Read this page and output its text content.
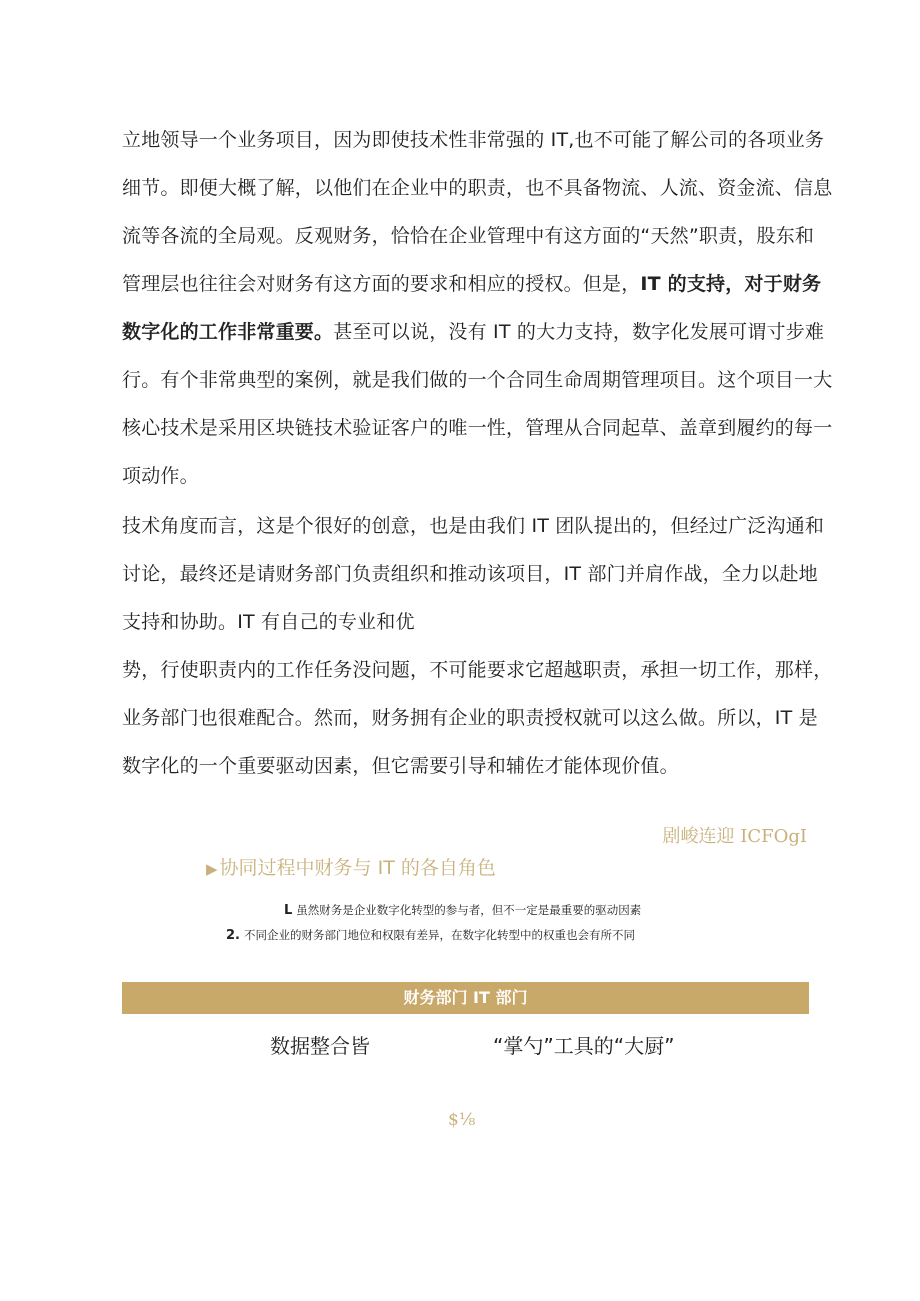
立地领导一个业务项目，因为即使技术性非常强的 IT,也不可能了解公司的各项业务
细节。即便大概了解，以他们在企业中的职责，也不具备物流、人流、资金流、信息
流等各流的全局观。反观财务，恰恰在企业管理中有这方面的“天然”职责，股东和
管理层也往往会对财务有这方面的要求和相应的授权。但是，IT 的支持，对于财务
数字化的工作非常重要。甚至可以说，没有 IT 的大力支持，数字化发展可谓寸步难
行。有个非常典型的案例，就是我们做的一个合同生命周期管理项目。这个项目一大
核心技术是采用区块链技术验证客户的唯一性，管理从合同起草、盖章到履约的每一
项动作。
技术角度而言，这是个很好的创意，也是由我们 IT 团队提出的，但经过广泛沟通和
讨论，最终还是请财务部门负责组织和推动该项目，IT 部门并肩作战，全力以赴地
支持和协助。IT 有自己的专业和优
势，行使职责内的工作任务没问题，不可能要求它超越职责，承担一切工作，那样，
业务部门也很难配合。然而，财务拥有企业的职责授权就可以这么做。所以，IT 是
数字化的一个重要驱动因素，但它需要引导和辅佐才能体现价值。
剧峻连迎 ICFOgI
▶ 协同过程中财务与 IT 的各自角色
L 虽然财务是企业数字化转型的参与者，但不一定是最重要的驱动因素
2. 不同企业的财务部门地位和权限有差异，在数字化转型中的权重也会有所不同
财务部门 IT 部门
数据整合皆	“掌勺”工具的“大厨”
$⅛
